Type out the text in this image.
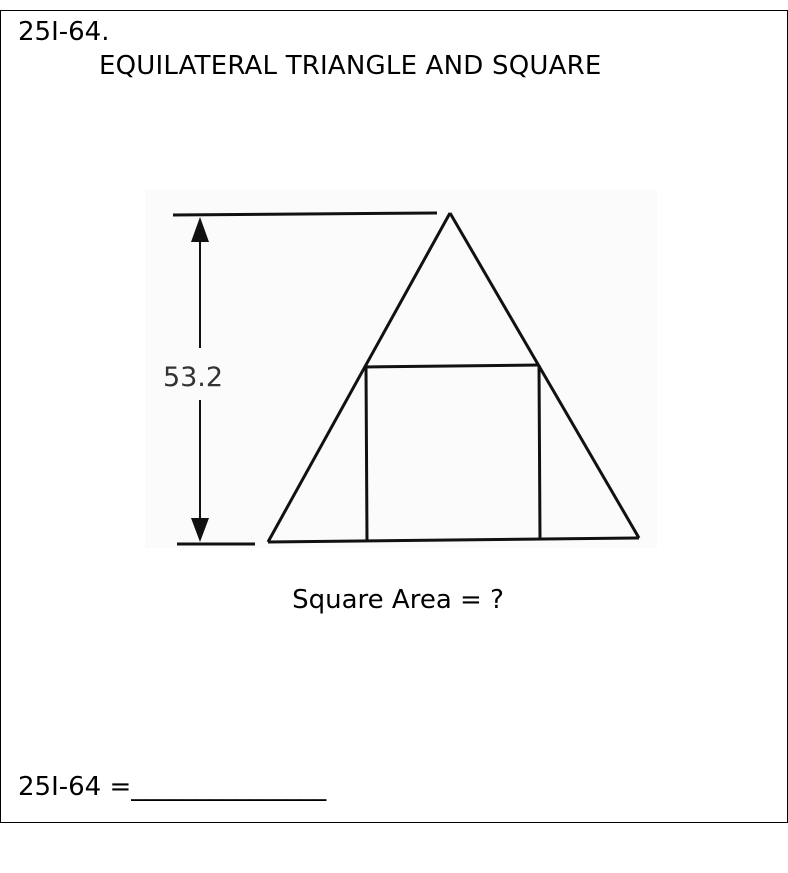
25I-64.
EQUILATERAL TRIANGLE AND SQUARE
Square Area = ?
25I-64 =_______________
53.2
